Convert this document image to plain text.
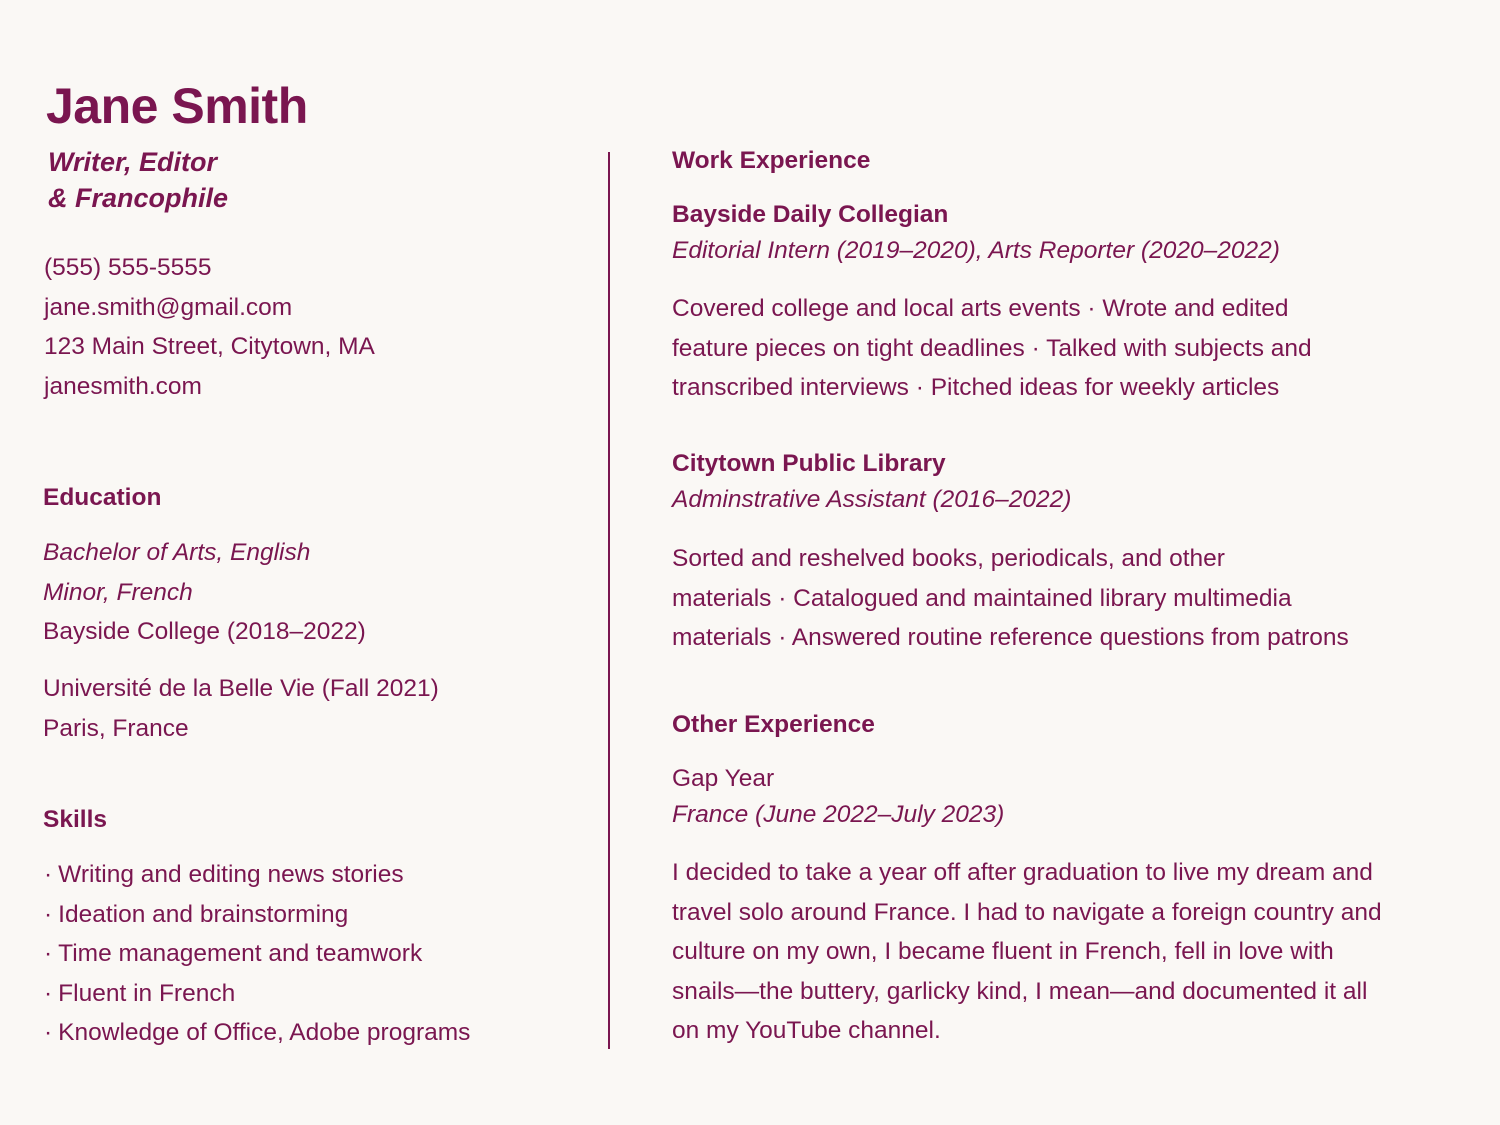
Jane Smith
Writer, Editor
& Francophile
(555) 555-5555
jane.smith@gmail.com
123 Main Street, Citytown, MA
janesmith.com
Education
Bachelor of Arts, English
Minor, French
Bayside College (2018–2022)
Université de la Belle Vie (Fall 2021)
Paris, France
Skills
· Writing and editing news stories
· Ideation and brainstorming
· Time management and teamwork
· Fluent in French
· Knowledge of Office, Adobe programs
Work Experience
Bayside Daily Collegian
Editorial Intern (2019–2020), Arts Reporter (2020–2022)
Covered college and local arts events · Wrote and edited
feature pieces on tight deadlines · Talked with subjects and
transcribed interviews · Pitched ideas for weekly articles
Citytown Public Library
Adminstrative Assistant (2016–2022)
Sorted and reshelved books, periodicals, and other
materials · Catalogued and maintained library multimedia
materials · Answered routine reference questions from patrons
Other Experience
Gap Year
France (June 2022–July 2023)
I decided to take a year off after graduation to live my dream and
travel solo around France. I had to navigate a foreign country and
culture on my own, I became fluent in French, fell in love with
snails—the buttery, garlicky kind, I mean—and documented it all
on my YouTube channel.
